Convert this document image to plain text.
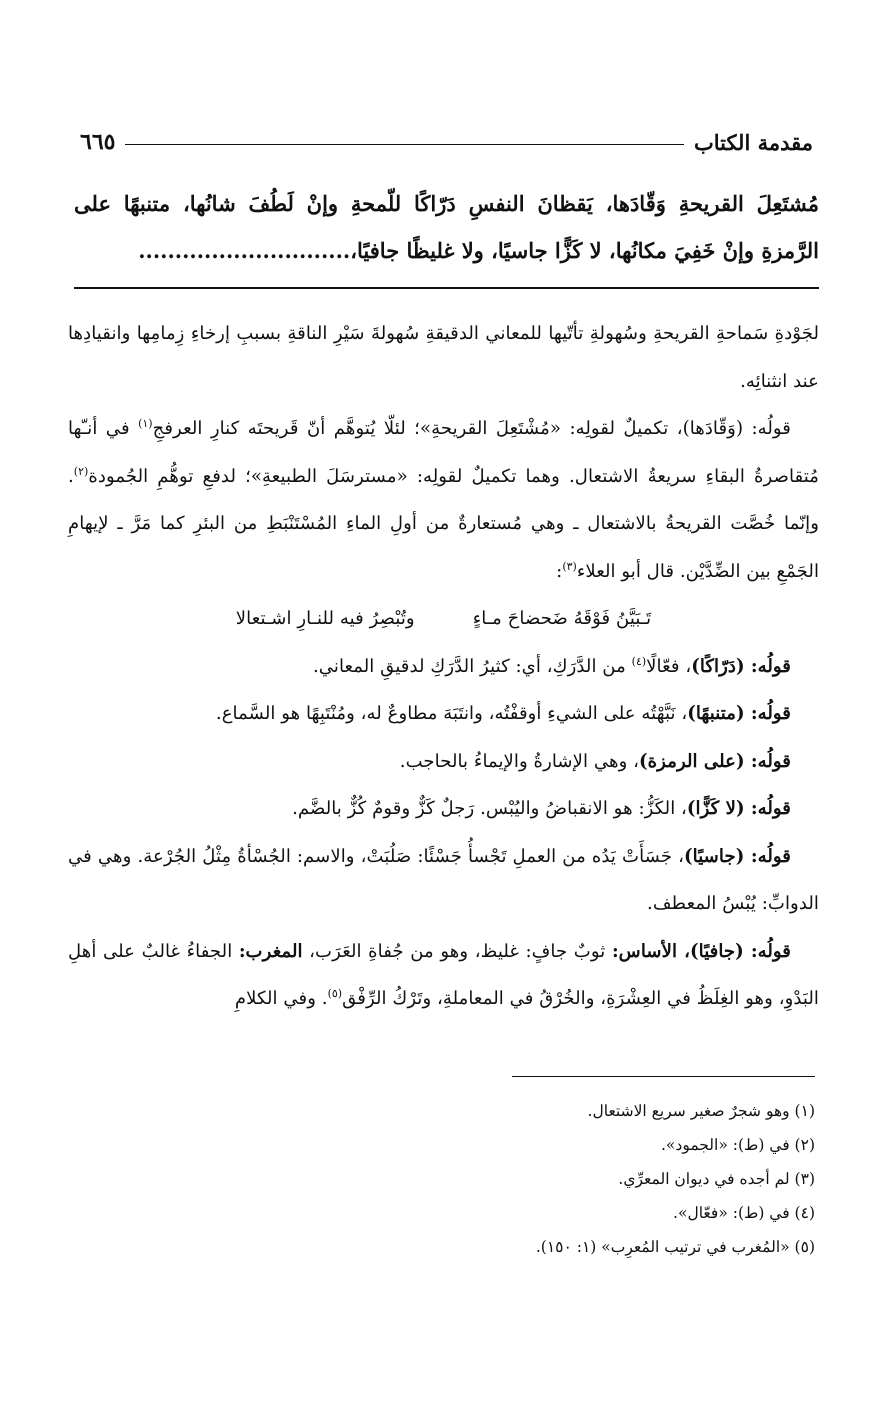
مقدمة الكتاب
٦٦٥
مُشتَعِلَ القريحةِ وَقّادَها، يَقظانَ النفسِ دَرّاكًا للّمحةِ وإنْ لَطُفَ شانُها، متنبهًا على الرَّمزةِ وإنْ خَفِيَ مكانُها، لا كَزًّا جاسيًا، ولا غليظًا جافيًا،.............................

لجَوْدةِ سَماحةِ القريحةِ وسُهولةِ تأتّيها للمعاني الدقيقةِ سُهولةَ سَيْرِ الناقةِ بسببِ إرخاءِ زِمامِها وانقيادِها عند انثنائِه.

قولُه: (وَقّادَها)، تكميلٌ لقولِه: «مُشْتَعِلَ القريحةِ»؛ لئلّا يُتوهَّم أنّ قَريحتَه كنارِ العرفجِ$^{(١)}$ في أنـّها مُتقاصرةُ البقاءِ سريعةُ الاشتعال. وهما تكميلٌ لقولِه: «مسترسَلَ الطبيعةِ»؛ لدفعِ توهُّمِ الجُمودة$^{(٢)}$. وإنّما خُصَّت القريحةُ بالاشتعال ـ وهي مُستعارةٌ من أولِ الماءِ المُسْتَنْبَطِ من البئرِ كما مَرَّ ـ لإيهامِ الجَمْعِ بين الضِّدَّيْن. قال أبو العلاء$^{(٣)}$:

تَـبَيَّنُ فَوْقَهُ ضَحضاحَ مـاءٍ
وتُبْصِرُ فيه للنـارِ اشـتعالا

قولُه: (دَرّاكًا)، فعّالًا$^{(٤)}$ من الدَّرَكِ، أي: كثيرُ الدَّرَكِ لدقيقِ المعاني.

قولُه: (متنبهًا)، نَبَّهْتُه على الشيءِ أوقفْتُه، وانتَبَهَ مطاوعٌ له، ومُنْتَبِهًا هو السَّماع.

قولُه: (على الرمزة)، وهي الإشارةُ والإيماءُ بالحاجب.

قولُه: (لا كَزًّا)، الكَزُّ: هو الانقباضُ واليُبْس. رَجلٌ كَزٌّ وقومٌ كُزٌّ بالضَّم.

قولُه: (جاسيًا)، جَسَأَتْ يَدُه من العملِ تَجْسأُ جَسْئًا: صَلُبَتْ، والاسم: الجُسْأةُ مِثْلُ الجُرْعة. وهي في الدوابِّ: يُبْسُ المعطف.

قولُه: (جافيًا)، الأساس: ثوبٌ جافٍ: غليظ، وهو من جُفاةِ العَرَب، المغرب: الجفاءُ غالبٌ على أهلِ البَدْوِ، وهو الغِلَظُ في العِشْرَةِ، والخُرْقُ في المعاملةِ، وتَرْكُ الرِّفْق$^{(٥)}$. وفي الكلامِ

(١) وهو شجرٌ صغير سريع الاشتعال.
(٢) في (ط): «الجمود».
(٣) لم أجده في ديوان المعرِّي.
(٤) في (ط): «فعّال».
(٥) «المُغرب في ترتيب المُعرِب» (١: ١٥٠).
